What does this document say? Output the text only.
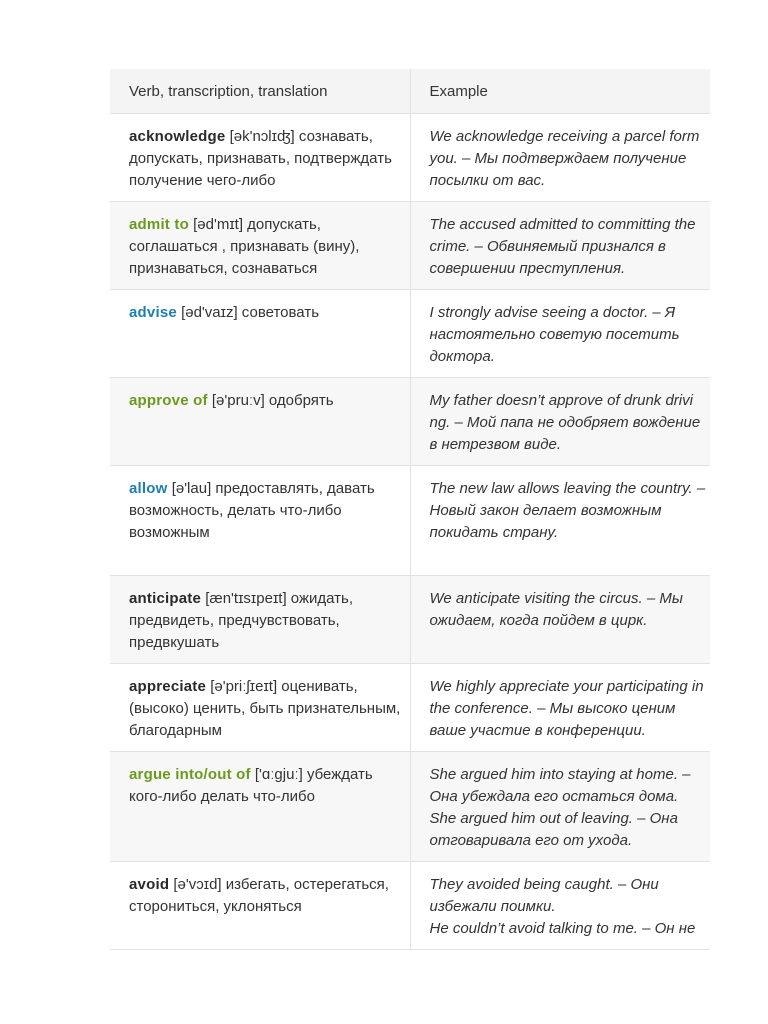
Verb, transcription, translation	Example
acknowledge [ək'nɔlɪʤ] сознавать, допускать, признавать, подтверждать получение чего-либо	We acknowledge receiving a parcel form you. – Мы подтверждаем получение посылки от вас.

admit to [əd'mɪt] допускать, соглашаться , признавать (вину), признаваться, сознаваться	The accused admitted to committing the crime. – Обвиняемый признался в совершении преступления.

advise [əd'vaɪz] советовать	I strongly advise seeing a doctor. – Я настоятельно советую посетить доктора.

approve of [ə'pruːv] одобрять	My father doesn’t approve of drunk drivi ng. – Мой папа не одобряет вождение в нетрезвом виде.

allow [ə'lau] предоставлять, давать возможность, делать что-либо возможным	The new law allows leaving the country. – Новый закон делает возможным покидать страну.

anticipate [æn'tɪsɪpeɪt] ожидать, предвидеть, предчувствовать, предвкушать	We anticipate visiting the circus. – Мы ожидаем, когда пойдем в цирк.

appreciate [ə'priːʃɪeɪt] оценивать, (высоко) ценить, быть признательным, благодарным	We highly appreciate your participating in the conference. – Мы высоко ценим ваше участие в конференции.

argue into/out of ['ɑːgjuː] убеждать кого-либо делать что-либо	She argued him into staying at home. – Она убеждала его остаться дома.
She argued him out of leaving. – Она отговаривала его от ухода.

avoid [ə'vɔɪd] избегать, остерегаться, сторониться, уклоняться	They avoided being caught. – Они избежали поимки.
He couldn’t avoid talking to me. – Он не
